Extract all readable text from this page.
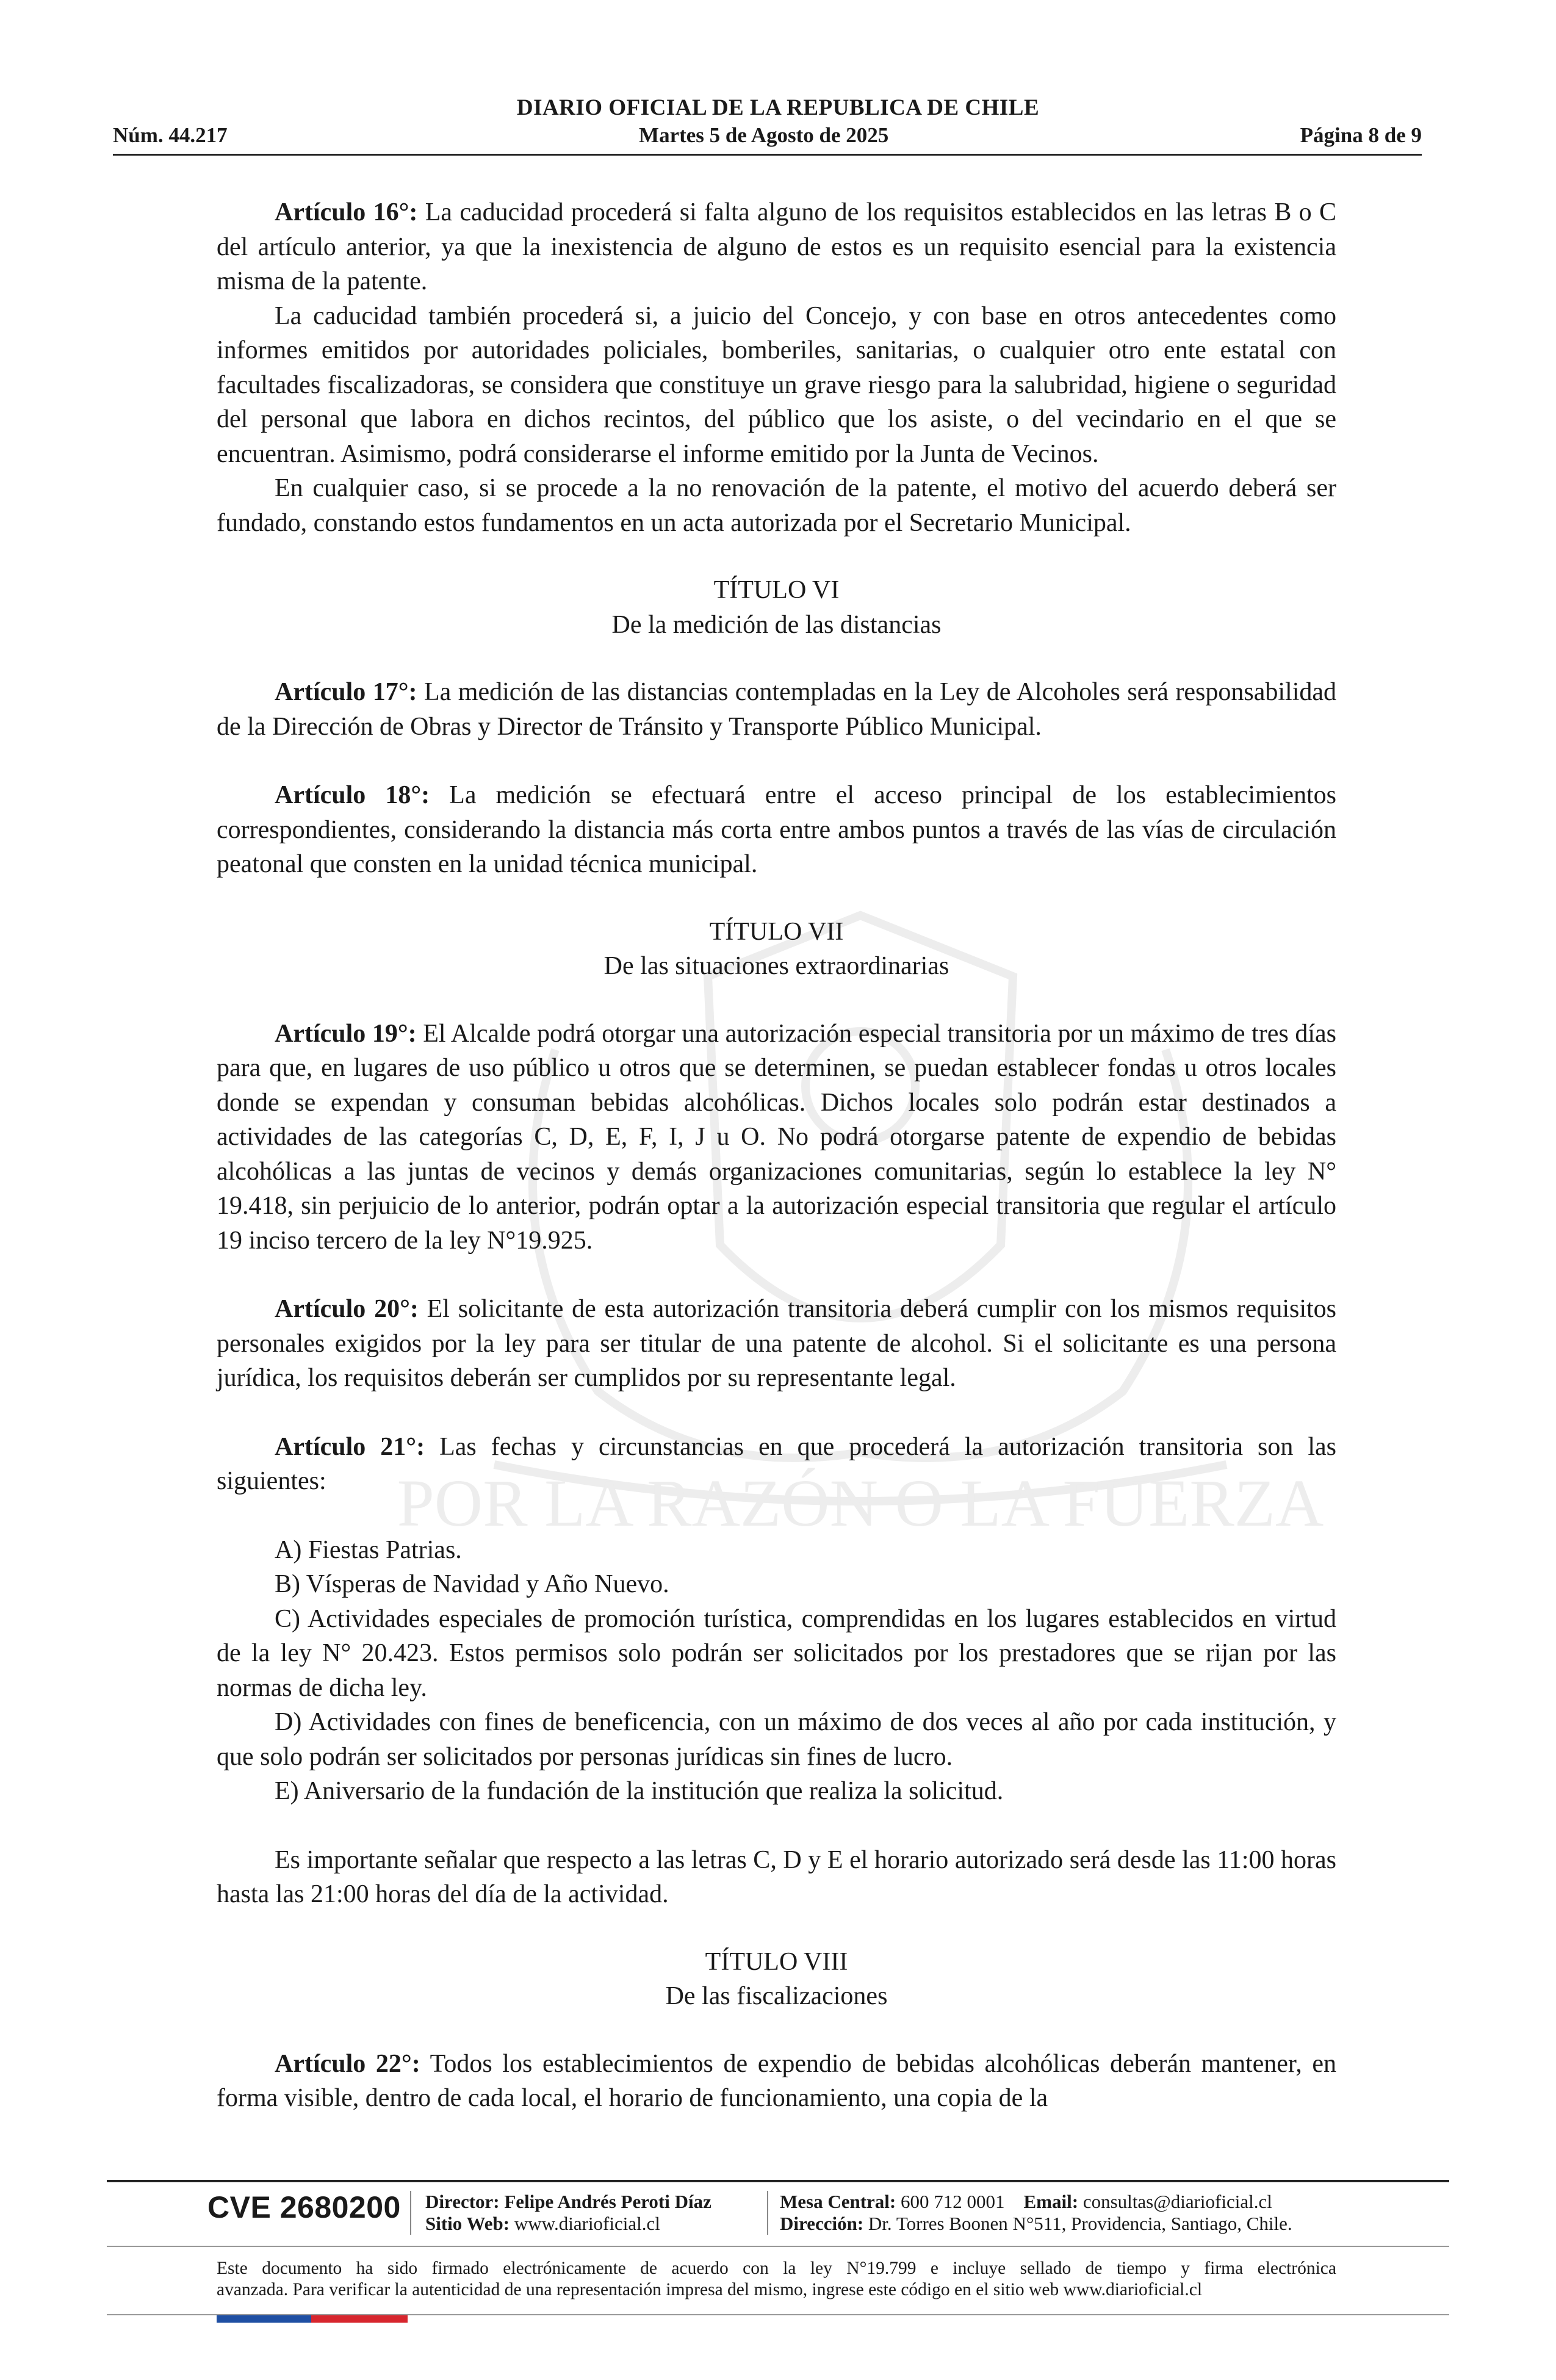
DIARIO OFICIAL DE LA REPUBLICA DE CHILE
Núm. 44.217	Martes 5 de Agosto de 2025	Página 8 de 9
POR LA RAZÓN O LA FUERZA

Artículo 16°: La caducidad procederá si falta alguno de los requisitos establecidos en las letras B o C del artículo anterior, ya que la inexistencia de alguno de estos es un requisito esencial para la existencia misma de la patente.

La caducidad también procederá si, a juicio del Concejo, y con base en otros antecedentes como informes emitidos por autoridades policiales, bomberiles, sanitarias, o cualquier otro ente estatal con facultades fiscalizadoras, se considera que constituye un grave riesgo para la salubridad, higiene o seguridad del personal que labora en dichos recintos, del público que los asiste, o del vecindario en el que se encuentran. Asimismo, podrá considerarse el informe emitido por la Junta de Vecinos.

En cualquier caso, si se procede a la no renovación de la patente, el motivo del acuerdo deberá ser fundado, constando estos fundamentos en un acta autorizada por el Secretario Municipal.

TÍTULO VI
De la medición de las distancias

Artículo 17°: La medición de las distancias contempladas en la Ley de Alcoholes será responsabilidad de la Dirección de Obras y Director de Tránsito y Transporte Público Municipal.

Artículo 18°: La medición se efectuará entre el acceso principal de los establecimientos correspondientes, considerando la distancia más corta entre ambos puntos a través de las vías de circulación peatonal que consten en la unidad técnica municipal.

TÍTULO VII
De las situaciones extraordinarias

Artículo 19°: El Alcalde podrá otorgar una autorización especial transitoria por un máximo de tres días para que, en lugares de uso público u otros que se determinen, se puedan establecer fondas u otros locales donde se expendan y consuman bebidas alcohólicas. Dichos locales solo podrán estar destinados a actividades de las categorías C, D, E, F, I, J u O. No podrá otorgarse patente de expendio de bebidas alcohólicas a las juntas de vecinos y demás organizaciones comunitarias, según lo establece la ley N° 19.418, sin perjuicio de lo anterior, podrán optar a la autorización especial transitoria que regular el artículo 19 inciso tercero de la ley N°19.925.

Artículo 20°: El solicitante de esta autorización transitoria deberá cumplir con los mismos requisitos personales exigidos por la ley para ser titular de una patente de alcohol. Si el solicitante es una persona jurídica, los requisitos deberán ser cumplidos por su representante legal.

Artículo 21°: Las fechas y circunstancias en que procederá la autorización transitoria son las siguientes:

A) Fiestas Patrias.

B) Vísperas de Navidad y Año Nuevo.

C) Actividades especiales de promoción turística, comprendidas en los lugares establecidos en virtud de la ley N° 20.423. Estos permisos solo podrán ser solicitados por los prestadores que se rijan por las normas de dicha ley.

D) Actividades con fines de beneficencia, con un máximo de dos veces al año por cada institución, y que solo podrán ser solicitados por personas jurídicas sin fines de lucro.

E) Aniversario de la fundación de la institución que realiza la solicitud.

Es importante señalar que respecto a las letras C, D y E el horario autorizado será desde las 11:00 horas hasta las 21:00 horas del día de la actividad.

TÍTULO VIII
De las fiscalizaciones

Artículo 22°: Todos los establecimientos de expendio de bebidas alcohólicas deberán mantener, en forma visible, dentro de cada local, el horario de funcionamiento, una copia de la

CVE 2680200 Director: Felipe Andrés Peroti Díaz
Sitio Web: www.diarioficial.cl
Mesa Central: 600 712 0001 Email: consultas@diarioficial.cl
Dirección: Dr. Torres Boonen N°511, Providencia, Santiago, Chile.
Este documento ha sido firmado electrónicamente de acuerdo con la ley N°19.799 e incluye sellado de tiempo y firma electrónica
avanzada. Para verificar la autenticidad de una representación impresa del mismo, ingrese este código en el sitio web www.diarioficial.cl
